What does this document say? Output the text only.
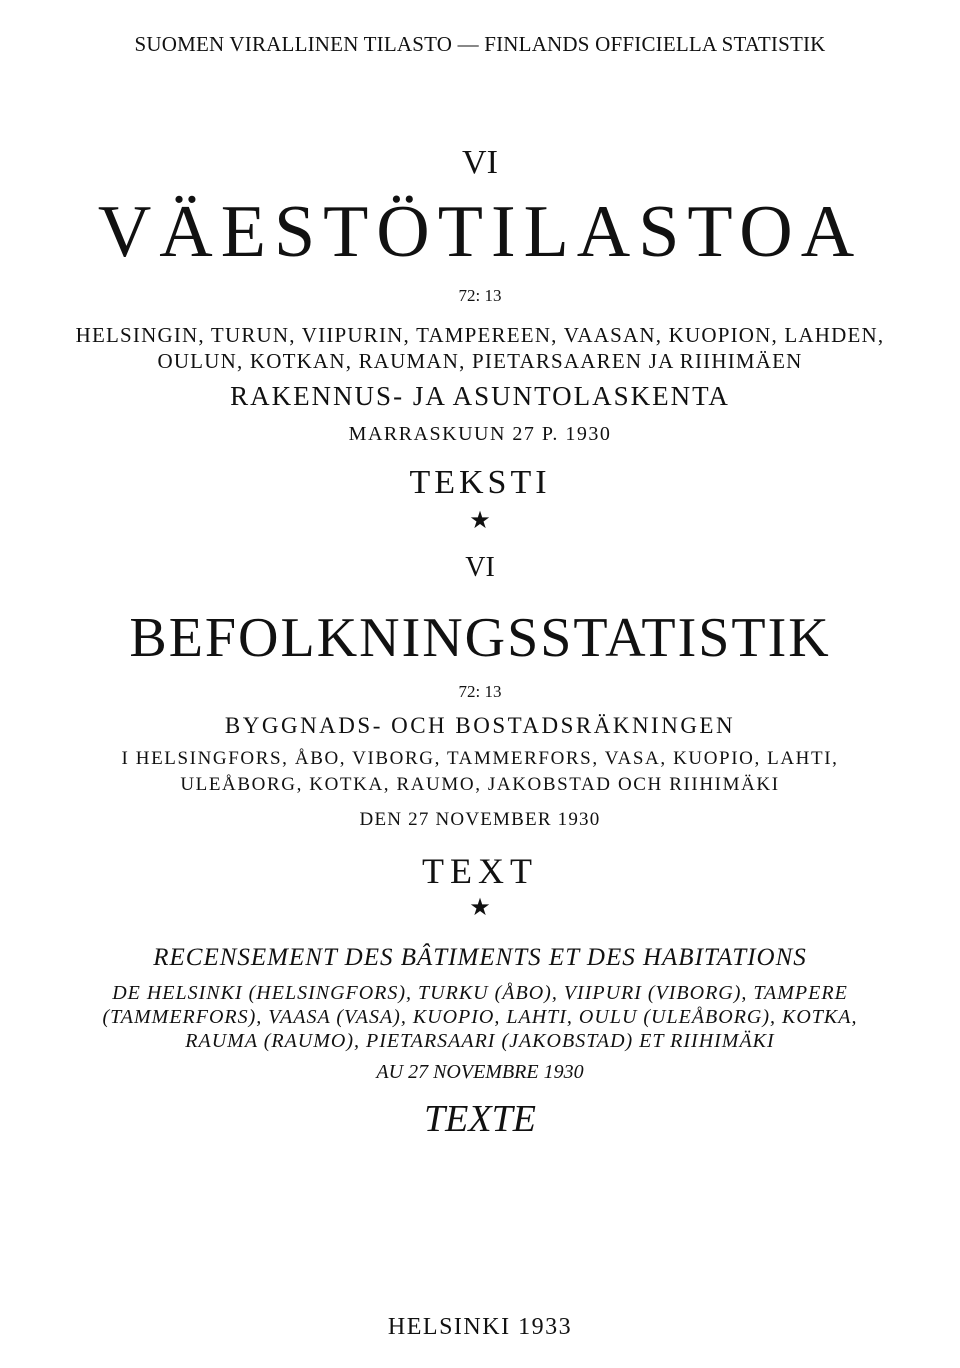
SUOMEN VIRALLINEN TILASTO — FINLANDS OFFICIELLA STATISTIK
VI
VÄESTÖTILASTOA
72: 13
HELSINGIN, TURUN, VIIPURIN, TAMPEREEN, VAASAN, KUOPION, LAHDEN,
OULUN, KOTKAN, RAUMAN, PIETARSAAREN JA RIIHIMÄEN
RAKENNUS- JA ASUNTOLASKENTA
MARRASKUUN 27 P. 1930
TEKSTI
★
VI
BEFOLKNINGSSTATISTIK
72: 13
BYGGNADS- OCH BOSTADSRÄKNINGEN
I HELSINGFORS, ÅBO, VIBORG, TAMMERFORS, VASA, KUOPIO, LAHTI,
ULEÅBORG, KOTKA, RAUMO, JAKOBSTAD OCH RIIHIMÄKI
DEN 27 NOVEMBER 1930
TEXT
★
RECENSEMENT DES BÂTIMENTS ET DES HABITATIONS
DE HELSINKI (HELSINGFORS), TURKU (ÅBO), VIIPURI (VIBORG), TAMPERE
(TAMMERFORS), VAASA (VASA), KUOPIO, LAHTI, OULU (ULEÅBORG), KOTKA,
RAUMA (RAUMO), PIETARSAARI (JAKOBSTAD) ET RIIHIMÄKI
AU 27 NOVEMBRE 1930
TEXTE
HELSINKI 1933
